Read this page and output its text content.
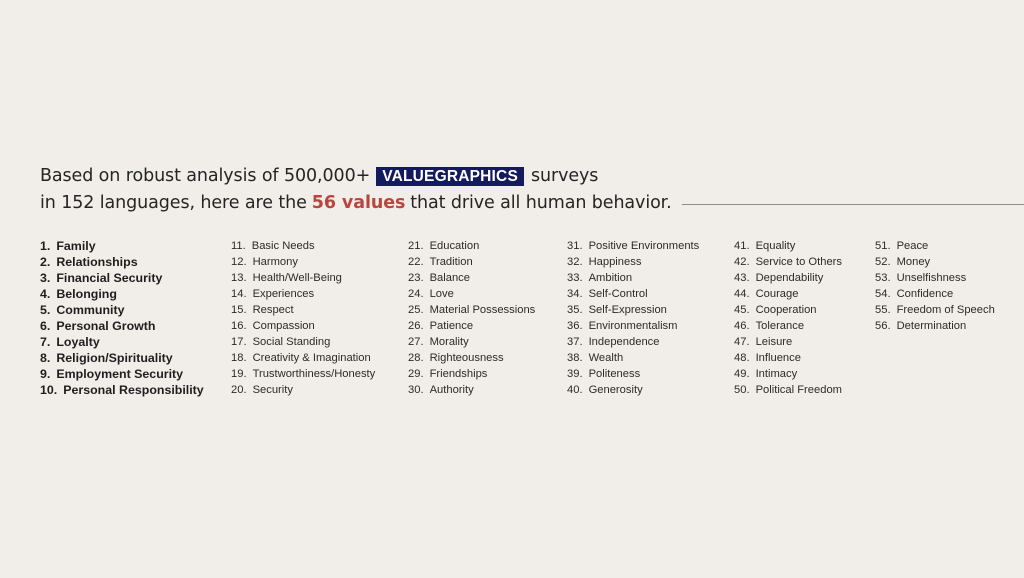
Based on robust analysis of 500,000+ VALUEGRAPHICS surveys
in 152 languages, here are the 56 values that drive all human behavior.
1. Family
2. Relationships
3. Financial Security
4. Belonging
5. Community
6. Personal Growth
7. Loyalty
8. Religion/Spirituality
9. Employment Security
10. Personal Responsibility
11. Basic Needs
12. Harmony
13. Health/Well-Being
14. Experiences
15. Respect
16. Compassion
17. Social Standing
18. Creativity & Imagination
19. Trustworthiness/Honesty
20. Security
21. Education
22. Tradition
23. Balance
24. Love
25. Material Possessions
26. Patience
27. Morality
28. Righteousness
29. Friendships
30. Authority
31. Positive Environments
32. Happiness
33. Ambition
34. Self-Control
35. Self-Expression
36. Environmentalism
37. Independence
38. Wealth
39. Politeness
40. Generosity
41. Equality
42. Service to Others
43. Dependability
44. Courage
45. Cooperation
46. Tolerance
47. Leisure
48. Influence
49. Intimacy
50. Political Freedom
51. Peace
52. Money
53. Unselfishness
54. Confidence
55. Freedom of Speech
56. Determination
